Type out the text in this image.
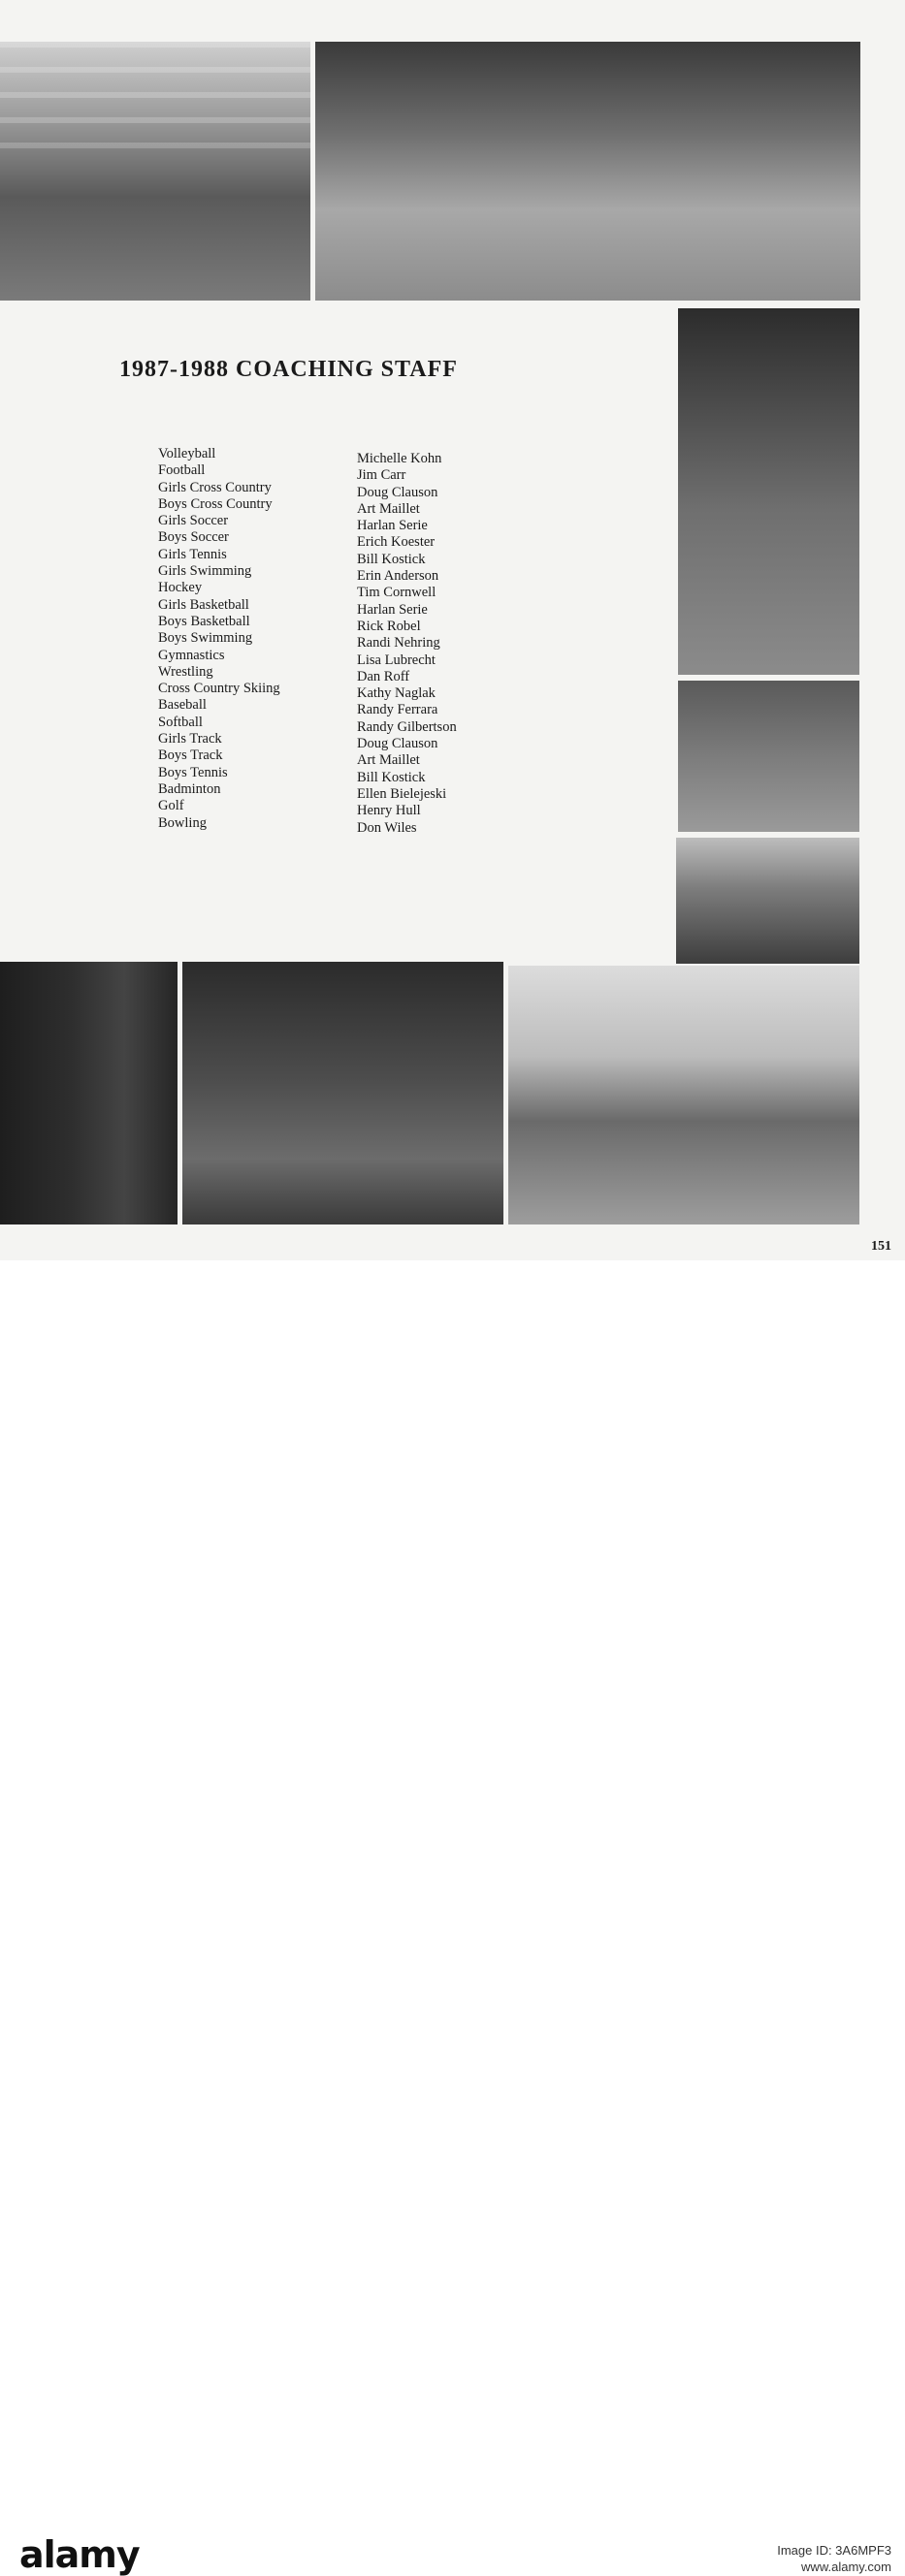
1987-1988 COACHING STAFF
Volleyball
Football
Girls Cross Country
Boys Cross Country
Girls Soccer
Boys Soccer
Girls Tennis
Girls Swimming
Hockey
Girls Basketball
Boys Basketball
Boys Swimming
Gymnastics
Wrestling
Cross Country Skiing
Baseball
Softball
Girls Track
Boys Track
Boys Tennis
Badminton
Golf
Bowling
Michelle Kohn
Jim Carr
Doug Clauson
Art Maillet
Harlan Serie
Erich Koester
Bill Kostick
Erin Anderson
Tim Cornwell
Harlan Serie
Rick Robel
Randi Nehring
Lisa Lubrecht
Dan Roff
Kathy Naglak
Randy Ferrara
Randy Gilbertson
Doug Clauson
Art Maillet
Bill Kostick
Ellen Bielejeski
Henry Hull
Don Wiles
151
alamy	Image ID: 3A6MPF3
www.alamy.com
